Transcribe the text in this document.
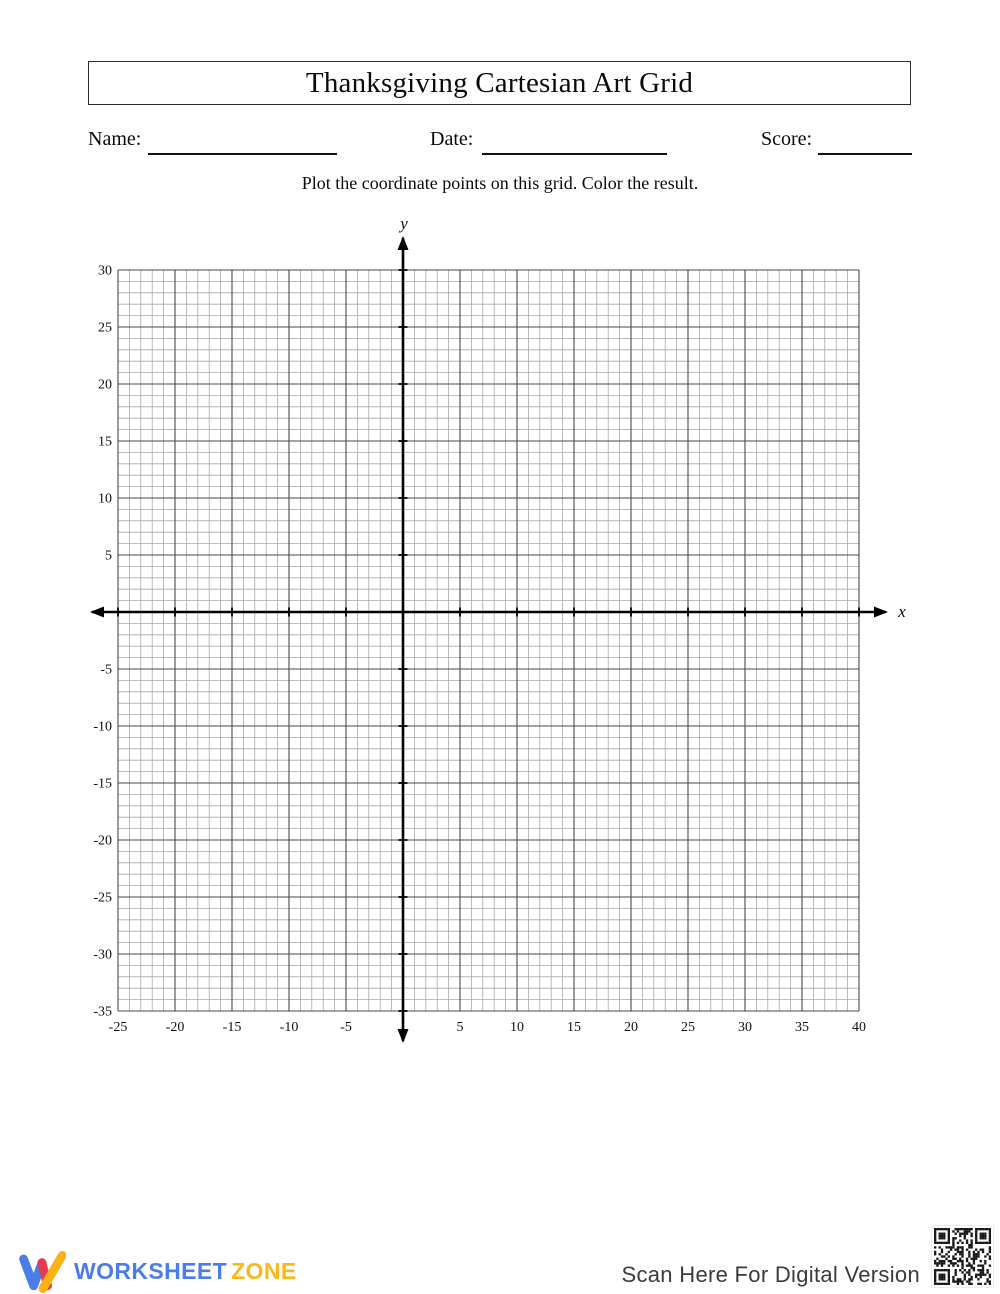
Thanksgiving Cartesian Art Grid
Name:	Date:	Score:
Plot the coordinate points on this grid. Color the result.
-25	-20	-15	-10	-5	5	10	15	20	25	30	35	40
30
25
20
15
10
5
-5
-10
-15
-20
-25
-30
-35
x
y
WORKSHEET ZONE	Scan Here For Digital Version
